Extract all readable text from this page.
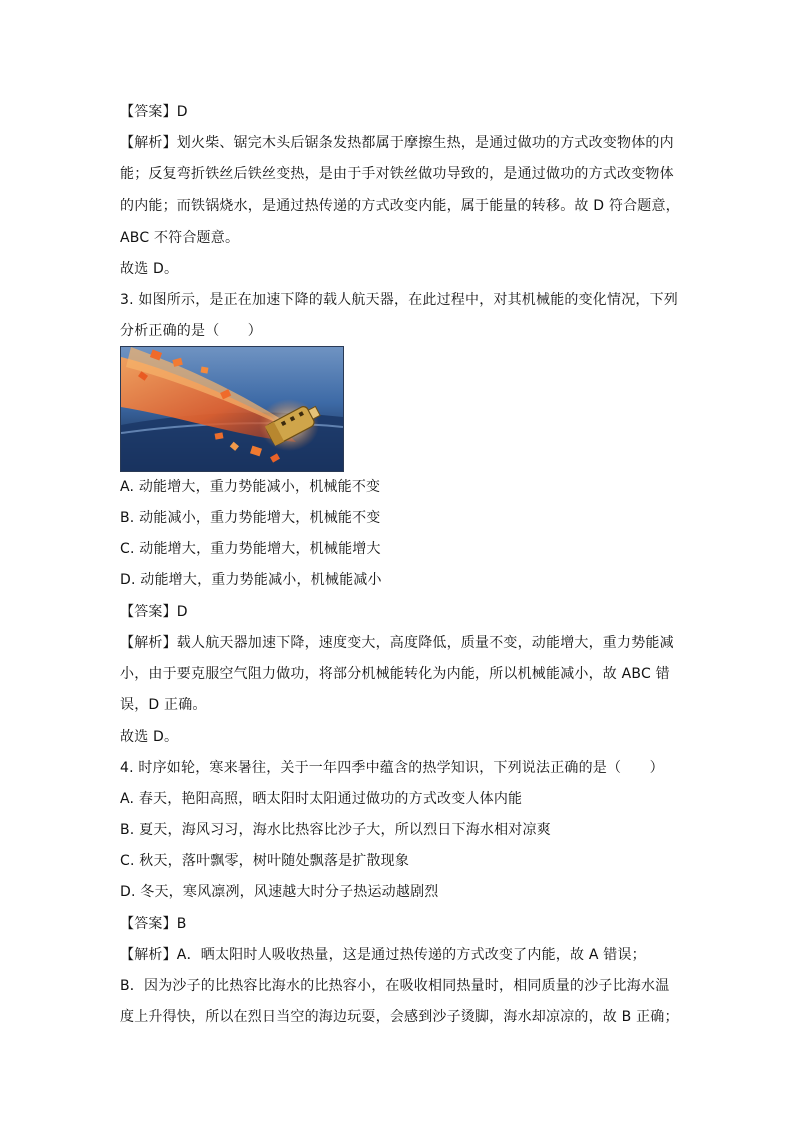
【答案】D
【解析】划火柴、锯完木头后锯条发热都属于摩擦生热，是通过做功的方式改变物体的内
能；反复弯折铁丝后铁丝变热，是由于手对铁丝做功导致的，是通过做功的方式改变物体
的内能；而铁锅烧水，是通过热传递的方式改变内能，属于能量的转移。故 D 符合题意，
ABC 不符合题意。
故选 D。
3. 如图所示，是正在加速下降的载人航天器，在此过程中，对其机械能的变化情况，下列
分析正确的是（　　）
A. 动能增大，重力势能减小，机械能不变
B. 动能减小，重力势能增大，机械能不变
C. 动能增大，重力势能增大，机械能增大
D. 动能增大，重力势能减小，机械能减小
【答案】D
【解析】载人航天器加速下降，速度变大，高度降低，质量不变，动能增大，重力势能减
小，由于要克服空气阻力做功，将部分机械能转化为内能，所以机械能减小，故 ABC 错
误，D 正确。
故选 D。
4. 时序如轮，寒来暑往，关于一年四季中蕴含的热学知识，下列说法正确的是（　　）
A. 春天，艳阳高照，晒太阳时太阳通过做功的方式改变人体内能
B. 夏天，海风习习，海水比热容比沙子大，所以烈日下海水相对凉爽
C. 秋天，落叶飘零，树叶随处飘落是扩散现象
D. 冬天，寒风凛冽，风速越大时分子热运动越剧烈
【答案】B
【解析】A．晒太阳时人吸收热量，这是通过热传递的方式改变了内能，故 A 错误；
B．因为沙子的比热容比海水的比热容小，在吸收相同热量时，相同质量的沙子比海水温
度上升得快，所以在烈日当空的海边玩耍，会感到沙子烫脚，海水却凉凉的，故 B 正确；
